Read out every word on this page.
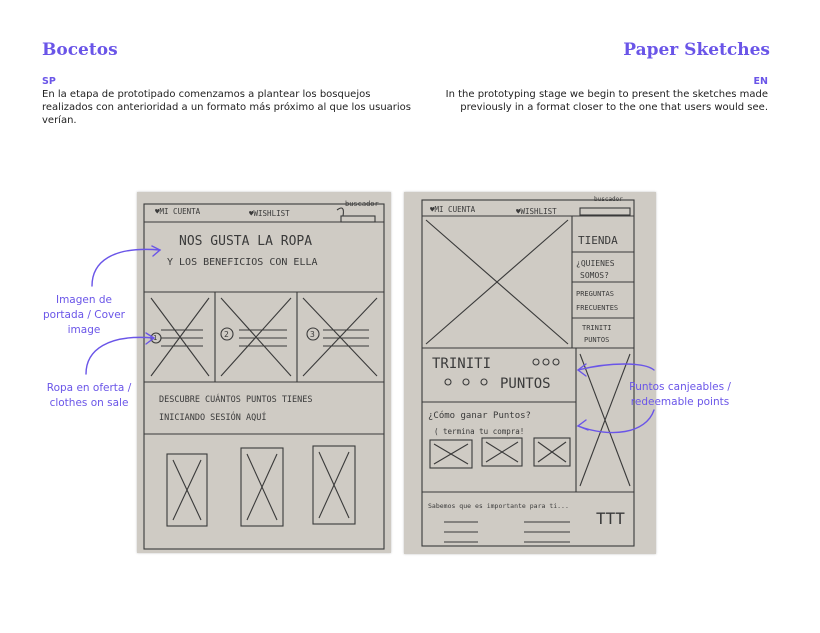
Bocetos	Paper Sketches
SP

En la etapa de prototipado comenzamos a plantear los bosquejos realizados con anterioridad a un formato más próximo al que los usuarios verían.

EN

In the prototyping stage we begin to present the sketches made previously in a format closer to the one that users would see.

♥MI CUENTA	♥WISHLIST
buscador
NOS GUSTA LA ROPA
Y LOS BENEFICIOS CON ELLA
1	2	3
DESCUBRE CUÁNTOS PUNTOS TIENES
INICIANDO SESIÓN AQUÍ
♥MI CUENTA	♥WISHLIST
buscador
TIENDA
¿QUIENES
SOMOS?
PREGUNTAS
FRECUENTES
TRINITI
PUNTOS
TRINITI
PUNTOS
¿Cómo ganar Puntos?
( termina tu compra!
Sabemos que es importante para ti...
TTT
Imagen de portada / Cover image
Ropa en oferta / clothes on sale
Puntos canjeables / redeemable points
